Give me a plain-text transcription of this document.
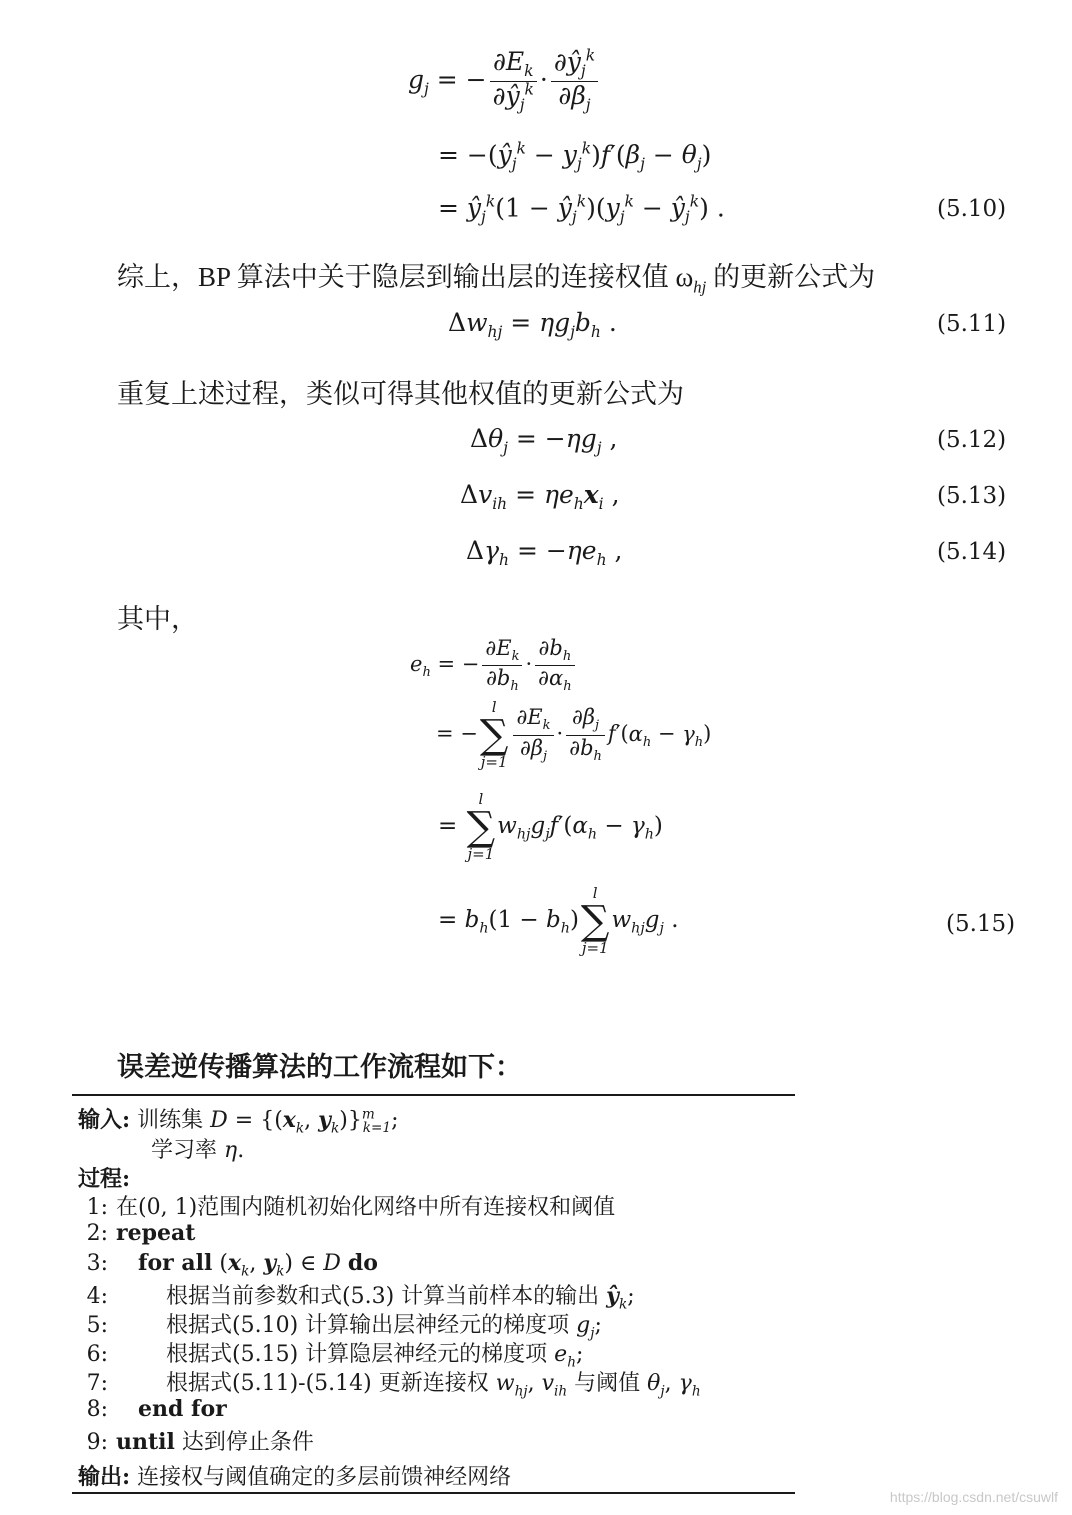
$g_j$ = − $\frac{\partial E_k}{\partial ŷ_j^k} \cdot \frac{\partial ŷ_j^k}{\partial\beta_j}$
= $-(ŷ_j^k - y_j^k)f'(\beta_j - \theta_j)$
= $ŷ_j^k(1$ − $ŷ_j^k)(y_j^k$ − $ŷ_j^k$) .	(5.10)
综上，BP 算法中关于隐层到输出层的连接权值 $\omega_{hj}$ 的更新公式为
$\Delta w_{hj} = \eta g_jb_h$ .	(5.11)
重复上述过程，类似可得其他权值的更新公式为
$\Delta\theta_j = -\eta g_j$ ,	(5.12)
$\Delta v_{ih} = \eta e_hx_i$ ,	(5.13)
$\Delta\gamma_h = -\eta e_h$ ,	(5.14)
其中，
$e_h$ = − $\frac{\partial E_k}{\partial b_h} \cdot \frac{\partial b_h}{\partial\alpha_h}$
= −
l
∑
$j=1 \frac{\partial E_k}{\partial\beta_j} \cdot \frac{\partial\beta_j}{\partial b_h} f'(\alpha_h - \gamma_h)$
=
l
∑
j=1
$w_{hj}g_jf'(\alpha_h - \gamma_h)$
= $b_h(1 - b_h)$
l
∑
j=1
$w_{hj}g_j$ .	(5.15)
误差逆传播算法的工作流程如下：
输入: 训练集 $D = \{(x_k$, $y_k)\}^m_{k=1}$;
学习率 η.
过程:
1: 在(0, 1)范围内随机初始化网络中所有连接权和阈值
2: repeat
3: for all ($x_k$, $y_k$) ∈ D do
4:	根据当前参数和式(5.3) 计算当前样本的输出 $ŷ_k$;
5:	根据式(5.10) 计算输出层神经元的梯度项 $g_j$;
6:	根据式(5.15) 计算隐层神经元的梯度项 $e_h$;
7:	根据式(5.11)-(5.14) 更新连接权 $w_{hj}$, $v_{ih}$ 与阈值 $\theta_j$, $\gamma_h$
8: end for
9: until 达到停止条件
输出: 连接权与阈值确定的多层前馈神经网络
https://blog.csdn.net/csuwlf
